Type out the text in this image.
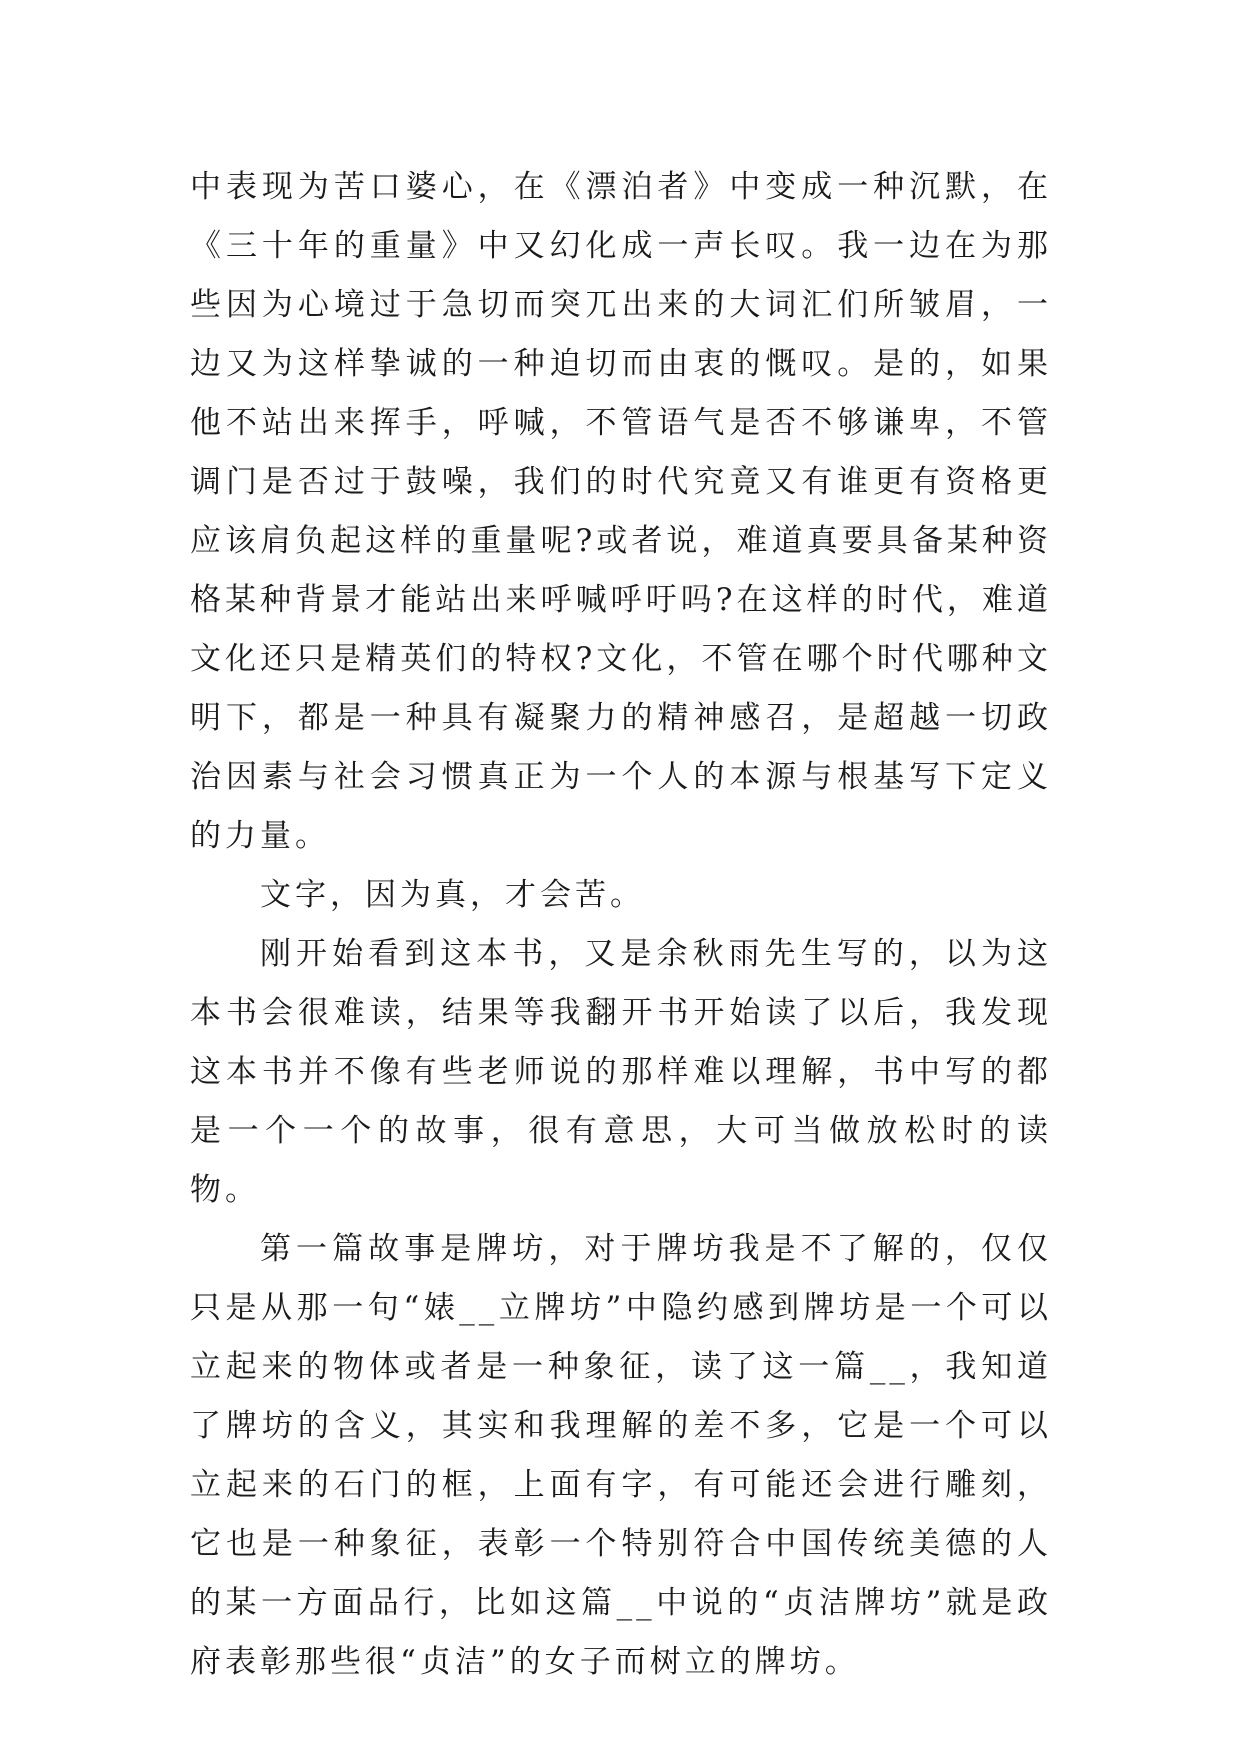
中表现为苦口婆心，在《漂泊者》中变成一种沉默，在《三十年的重量》中又幻化成一声长叹。我一边在为那些因为心境过于急切而突兀出来的大词汇们所皱眉，一边又为这样挚诚的一种迫切而由衷的慨叹。是的，如果他不站出来挥手，呼喊，不管语气是否不够谦卑，不管调门是否过于鼓噪，我们的时代究竟又有谁更有资格更应该肩负起这样的重量呢?或者说，难道真要具备某种资格某种背景才能站出来呼喊呼吁吗?在这样的时代，难道文化还只是精英们的特权?文化，不管在哪个时代哪种文明下，都是一种具有凝聚力的精神感召，是超越一切政治因素与社会习惯真正为一个人的本源与根基写下定义的力量。

文字，因为真，才会苦。

刚开始看到这本书，又是余秋雨先生写的，以为这本书会很难读，结果等我翻开书开始读了以后，我发现这本书并不像有些老师说的那样难以理解，书中写的都是一个一个的故事，很有意思，大可当做放松时的读物。

第一篇故事是牌坊，对于牌坊我是不了解的，仅仅只是从那一句“婊__立牌坊”中隐约感到牌坊是一个可以立起来的物体或者是一种象征，读了这一篇__，我知道了牌坊的含义，其实和我理解的差不多，它是一个可以立起来的石门的框，上面有字，有可能还会进行雕刻，它也是一种象征，表彰一个特别符合中国传统美德的人的某一方面品行，比如这篇__中说的“贞洁牌坊”就是政府表彰那些很“贞洁”的女子而树立的牌坊。
